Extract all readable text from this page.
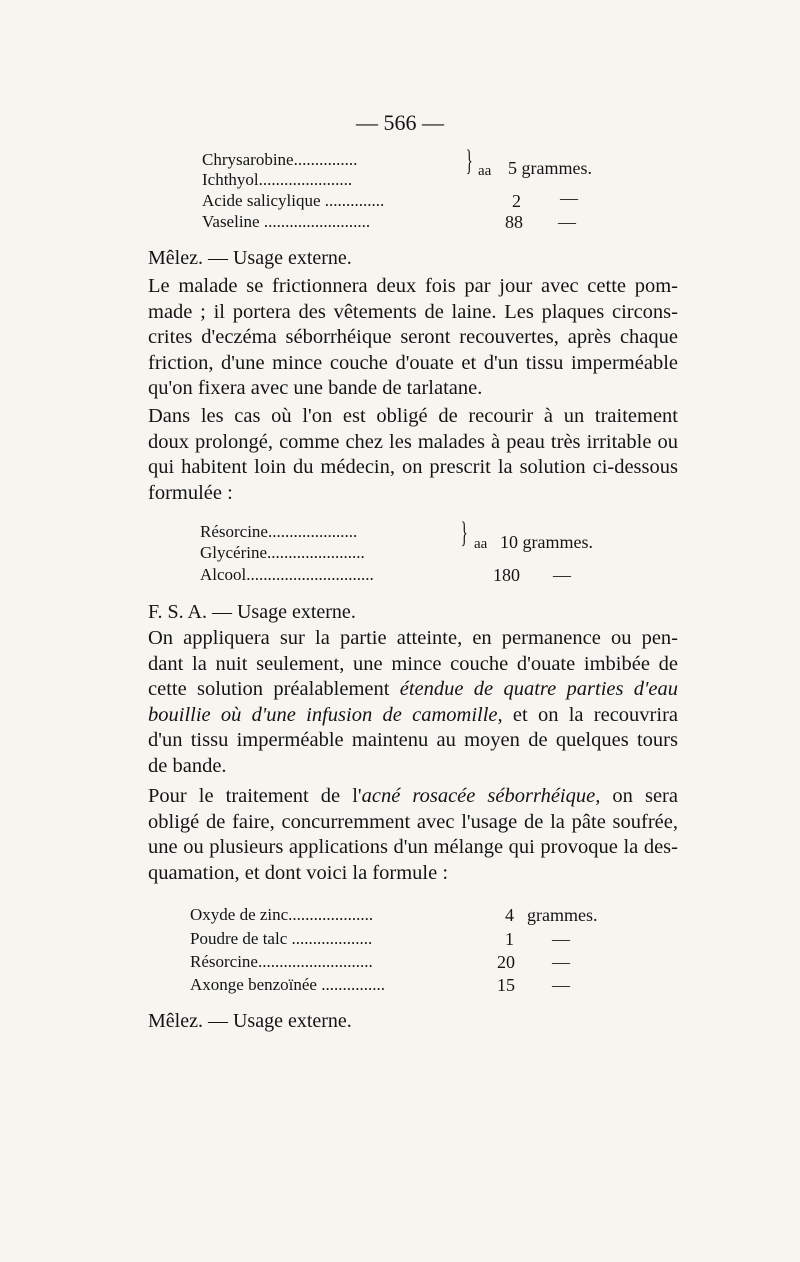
— 566 —
Chrysarobine...............
Ichthyol......................
} aa 5 grammes.
Acide salicylique ..............	2 —
Vaseline .........................	88 —
Mêlez. — Usage externe.
Le malade se frictionnera deux fois par jour avec cette pom-
made ; il portera des vêtements de laine. Les plaques circons-
crites d'eczéma séborrhéique seront recouvertes, après chaque
friction, d'une mince couche d'ouate et d'un tissu imperméable
qu'on fixera avec une bande de tarlatane.
Dans les cas où l'on est obligé de recourir à un traitement
doux prolongé, comme chez les malades à peau très irritable ou
qui habitent loin du médecin, on prescrit la solution ci-dessous
formulée :
Résorcine.....................
Glycérine.......................
} aa 10 grammes.
Alcool..............................	180 —
F. S. A. — Usage externe.
On appliquera sur la partie atteinte, en permanence ou pen-
dant la nuit seulement, une mince couche d'ouate imbibée de
cette solution préalablement étendue de quatre parties d'eau
bouillie où d'une infusion de camomille, et on la recouvrira
d'un tissu imperméable maintenu au moyen de quelques tours
de bande.
Pour le traitement de l'acné rosacée séborrhéique, on sera
obligé de faire, concurremment avec l'usage de la pâte soufrée,
une ou plusieurs applications d'un mélange qui provoque la des-
quamation, et dont voici la formule :
Oxyde de zinc....................	4 grammes.
Poudre de talc ...................	1 —
Résorcine...........................	20 —
Axonge benzoïnée ...............	15 —
Mêlez. — Usage externe.
